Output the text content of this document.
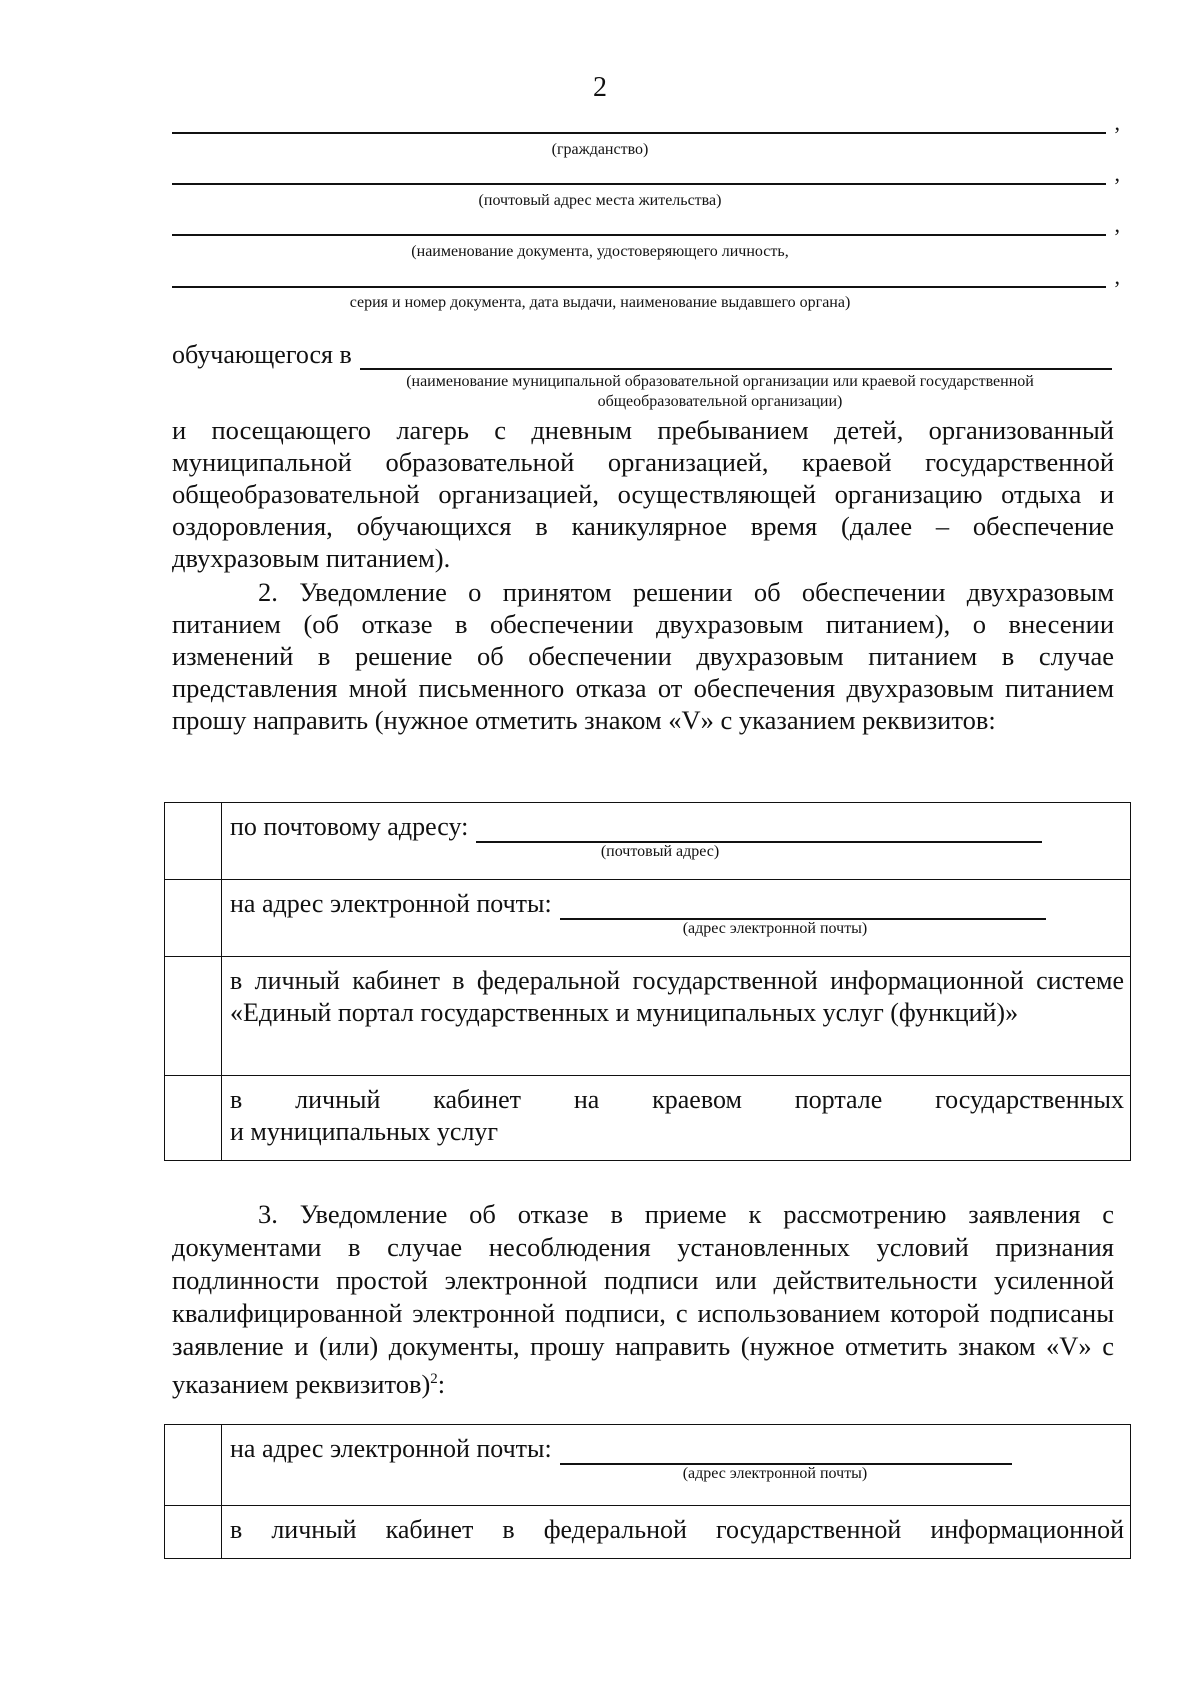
2
,
(гражданство)
,
(почтовый адрес места жительства)
,
(наименование документа, удостоверяющего личность,
,
серия и номер документа, дата выдачи, наименование выдавшего органа)
обучающегося в
(наименование муниципальной образовательной организации или краевой государственной
общеобразовательной организации)

и посещающего лагерь с дневным пребыванием детей, организованный муниципальной образовательной организацией, краевой государственной общеобразовательной организацией, осуществляющей организацию отдыха и оздоровления, обучающихся в каникулярное время (далее – обеспечение двухразовым питанием).

2. Уведомление о принятом решении об обеспечении двухразовым питанием (об отказе в обеспечении двухразовым питанием), о внесении изменений в решение об обеспечении двухразовым питанием в случае представления мной письменного отказа от обеспечения двухразовым питанием прошу направить (нужное отметить знаком «V» с указанием реквизитов:

	по почтовому адресу:
(почтовый адрес)

	на адрес электронной почты:
(адрес электронной почты)

	в личный кабинет в федеральной государственной информационной системе «Единый портал государственных и муниципальных услуг (функций)»

	в личный кабинет на краевом портале государственных
и муниципальных услуг

3. Уведомление об отказе в приеме к рассмотрению заявления с документами в случае несоблюдения установленных условий признания подлинности простой электронной подписи или действительности усиленной квалифицированной электронной подписи, с использованием которой подписаны заявление и (или) документы, прошу направить (нужное отметить знаком «V» с указанием реквизитов)$^2$:

	на адрес электронной почты:
(адрес электронной почты)

	в личный кабинет в федеральной государственной информационной
